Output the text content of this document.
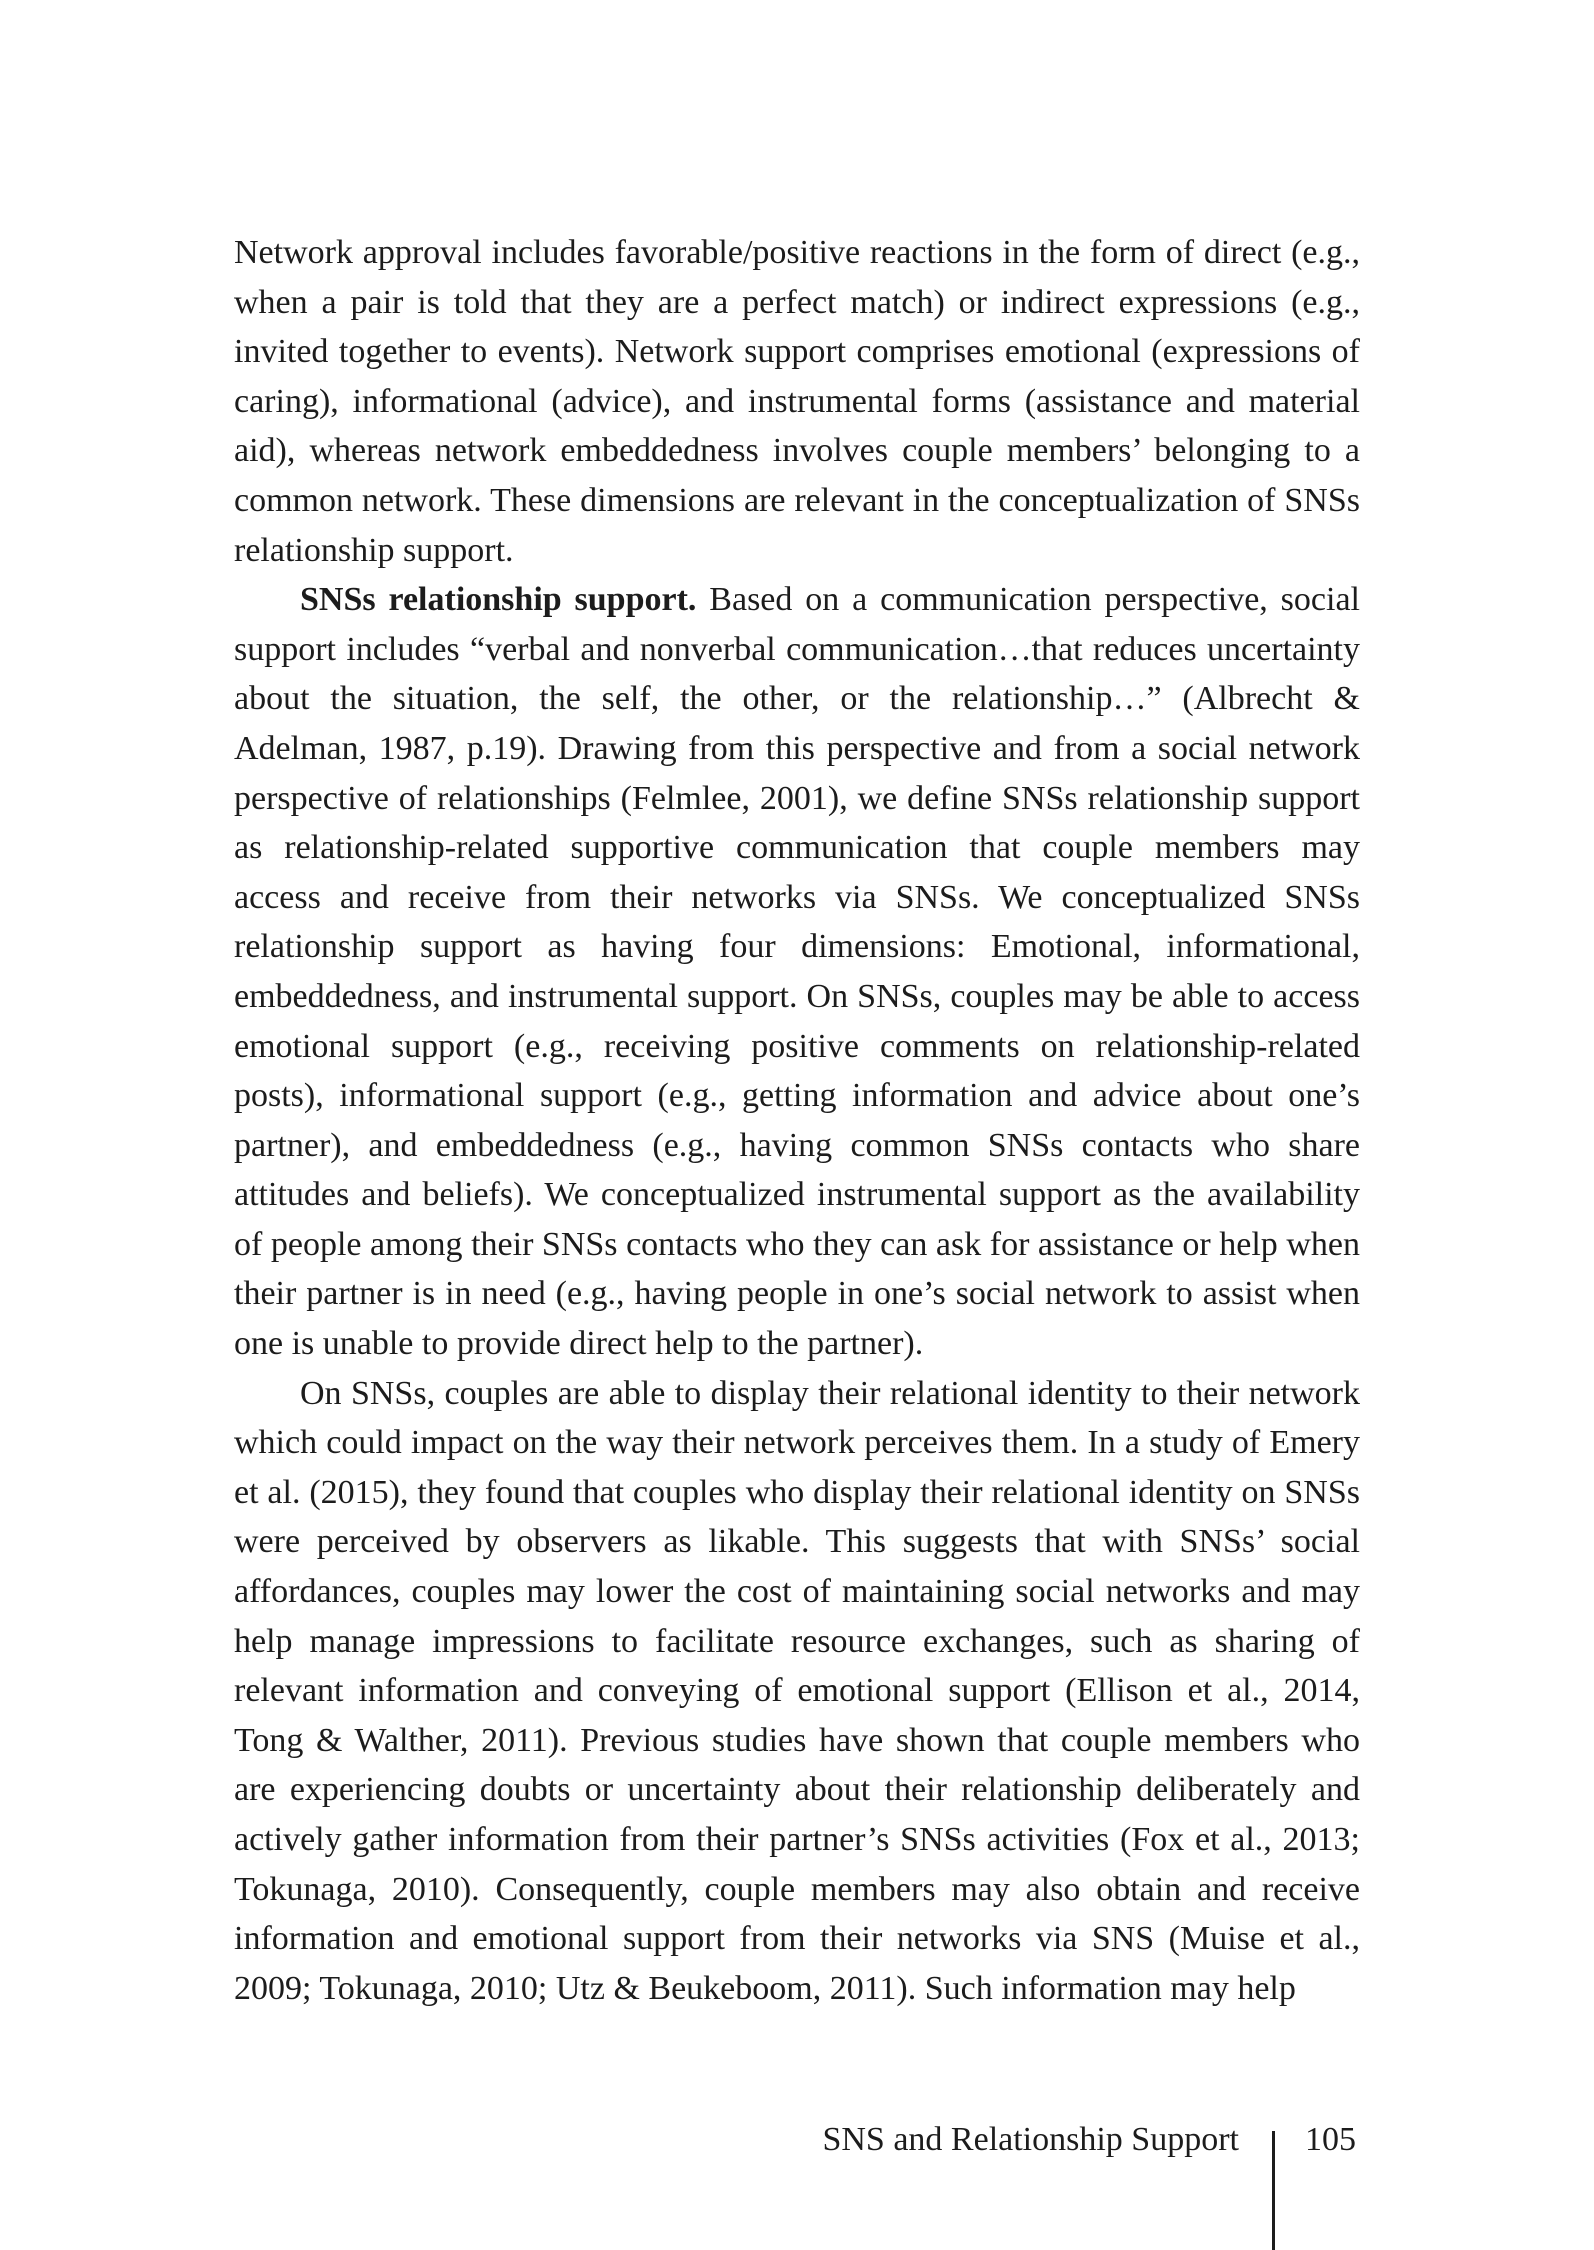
Network approval includes favorable/positive reactions in the form of direct (e.g., when a pair is told that they are a perfect match) or indirect expressions (e.g., invited together to events). Network support comprises emotional (expressions of caring), informational (advice), and instrumental forms (assistance and material aid), whereas network embeddedness involves couple members’ belonging to a common network. These dimensions are relevant in the conceptualization of SNSs relationship support.

SNSs relationship support. Based on a communication perspective, social support includes “verbal and nonverbal communication…that reduces uncertainty about the situation, the self, the other, or the relationship…” (Albrecht & Adelman, 1987, p.19). Drawing from this perspective and from a social network perspective of relationships (Felmlee, 2001), we define SNSs relationship support as relationship-related supportive communication that couple members may access and receive from their networks via SNSs. We conceptualized SNSs relationship support as having four dimensions: Emotional, informational, embeddedness, and instrumental support. On SNSs, couples may be able to access emotional support (e.g., receiving positive comments on relationship-related posts), informational support (e.g., getting information and advice about one’s partner), and embeddedness (e.g., having common SNSs contacts who share attitudes and beliefs). We conceptualized instrumental support as the availability of people among their SNSs contacts who they can ask for assistance or help when their partner is in need (e.g., having people in one’s social network to assist when one is unable to provide direct help to the partner).

On SNSs, couples are able to display their relational identity to their network which could impact on the way their network perceives them. In a study of Emery et al. (2015), they found that couples who display their relational identity on SNSs were perceived by observers as likable. This suggests that with SNSs’ social affordances, couples may lower the cost of maintaining social networks and may help manage impressions to facilitate resource exchanges, such as sharing of relevant information and conveying of emotional support (Ellison et al., 2014, Tong & Walther, 2011). Previous studies have shown that couple members who are experiencing doubts or uncertainty about their relationship deliberately and actively gather information from their partner’s SNSs activities (Fox et al., 2013; Tokunaga, 2010). Consequently, couple members may also obtain and receive information and emotional support from their networks via SNS (Muise et al., 2009; Tokunaga, 2010; Utz & Beukeboom, 2011). Such information may help

SNS and Relationship Support 105
